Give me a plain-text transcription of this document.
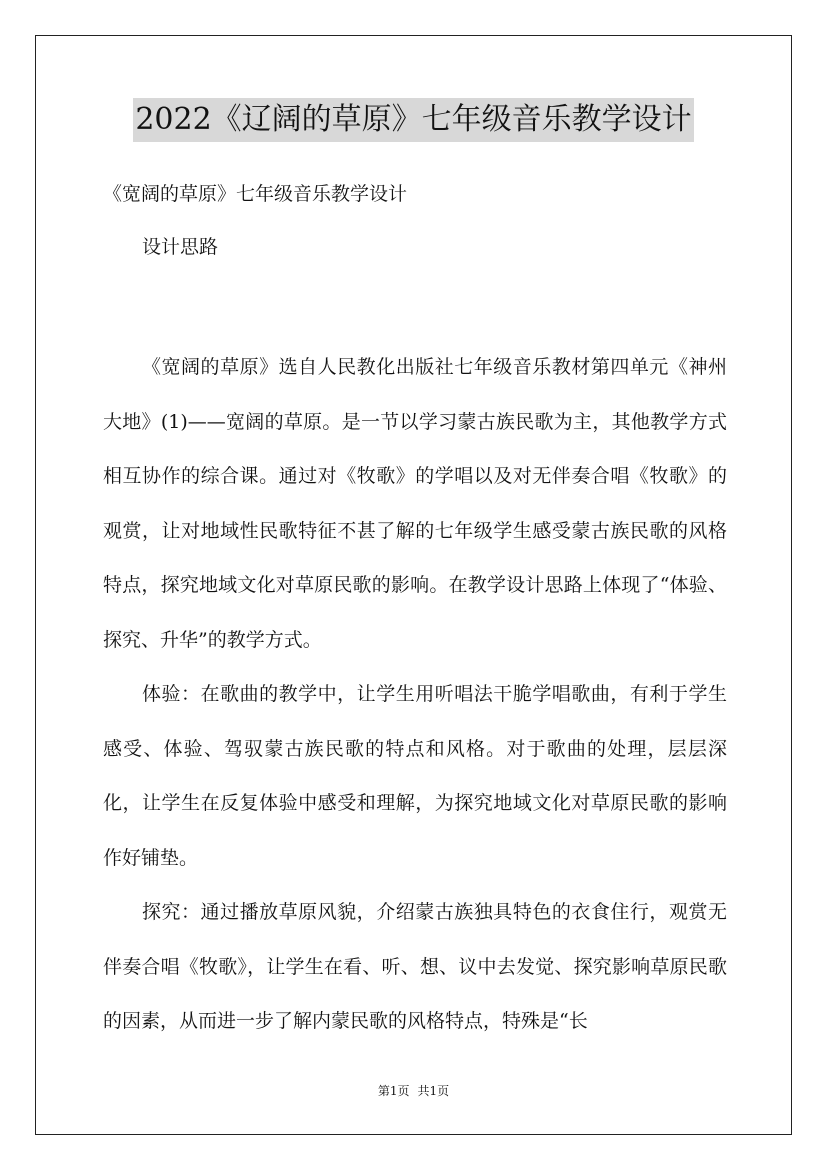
2022《辽阔的草原》七年级音乐教学设计
《宽阔的草原》七年级音乐教学设计
设计思路

《宽阔的草原》选自人民教化出版社七年级音乐教材第四单元《神州大地》(1)——宽阔的草原。是一节以学习蒙古族民歌为主，其他教学方式相互协作的综合课。通过对《牧歌》的学唱以及对无伴奏合唱《牧歌》的观赏，让对地域性民歌特征不甚了解的七年级学生感受蒙古族民歌的风格特点，探究地域文化对草原民歌的影响。在教学设计思路上体现了“体验、探究、升华”的教学方式。

体验：在歌曲的教学中，让学生用听唱法干脆学唱歌曲，有利于学生感受、体验、驾驭蒙古族民歌的特点和风格。对于歌曲的处理，层层深化，让学生在反复体验中感受和理解，为探究地域文化对草原民歌的影响作好铺垫。

探究：通过播放草原风貌，介绍蒙古族独具特色的衣食住行，观赏无伴奏合唱《牧歌》，让学生在看、听、想、议中去发觉、探究影响草原民歌的因素，从而进一步了解内蒙民歌的风格特点，特殊是“长

第1页 共1页
